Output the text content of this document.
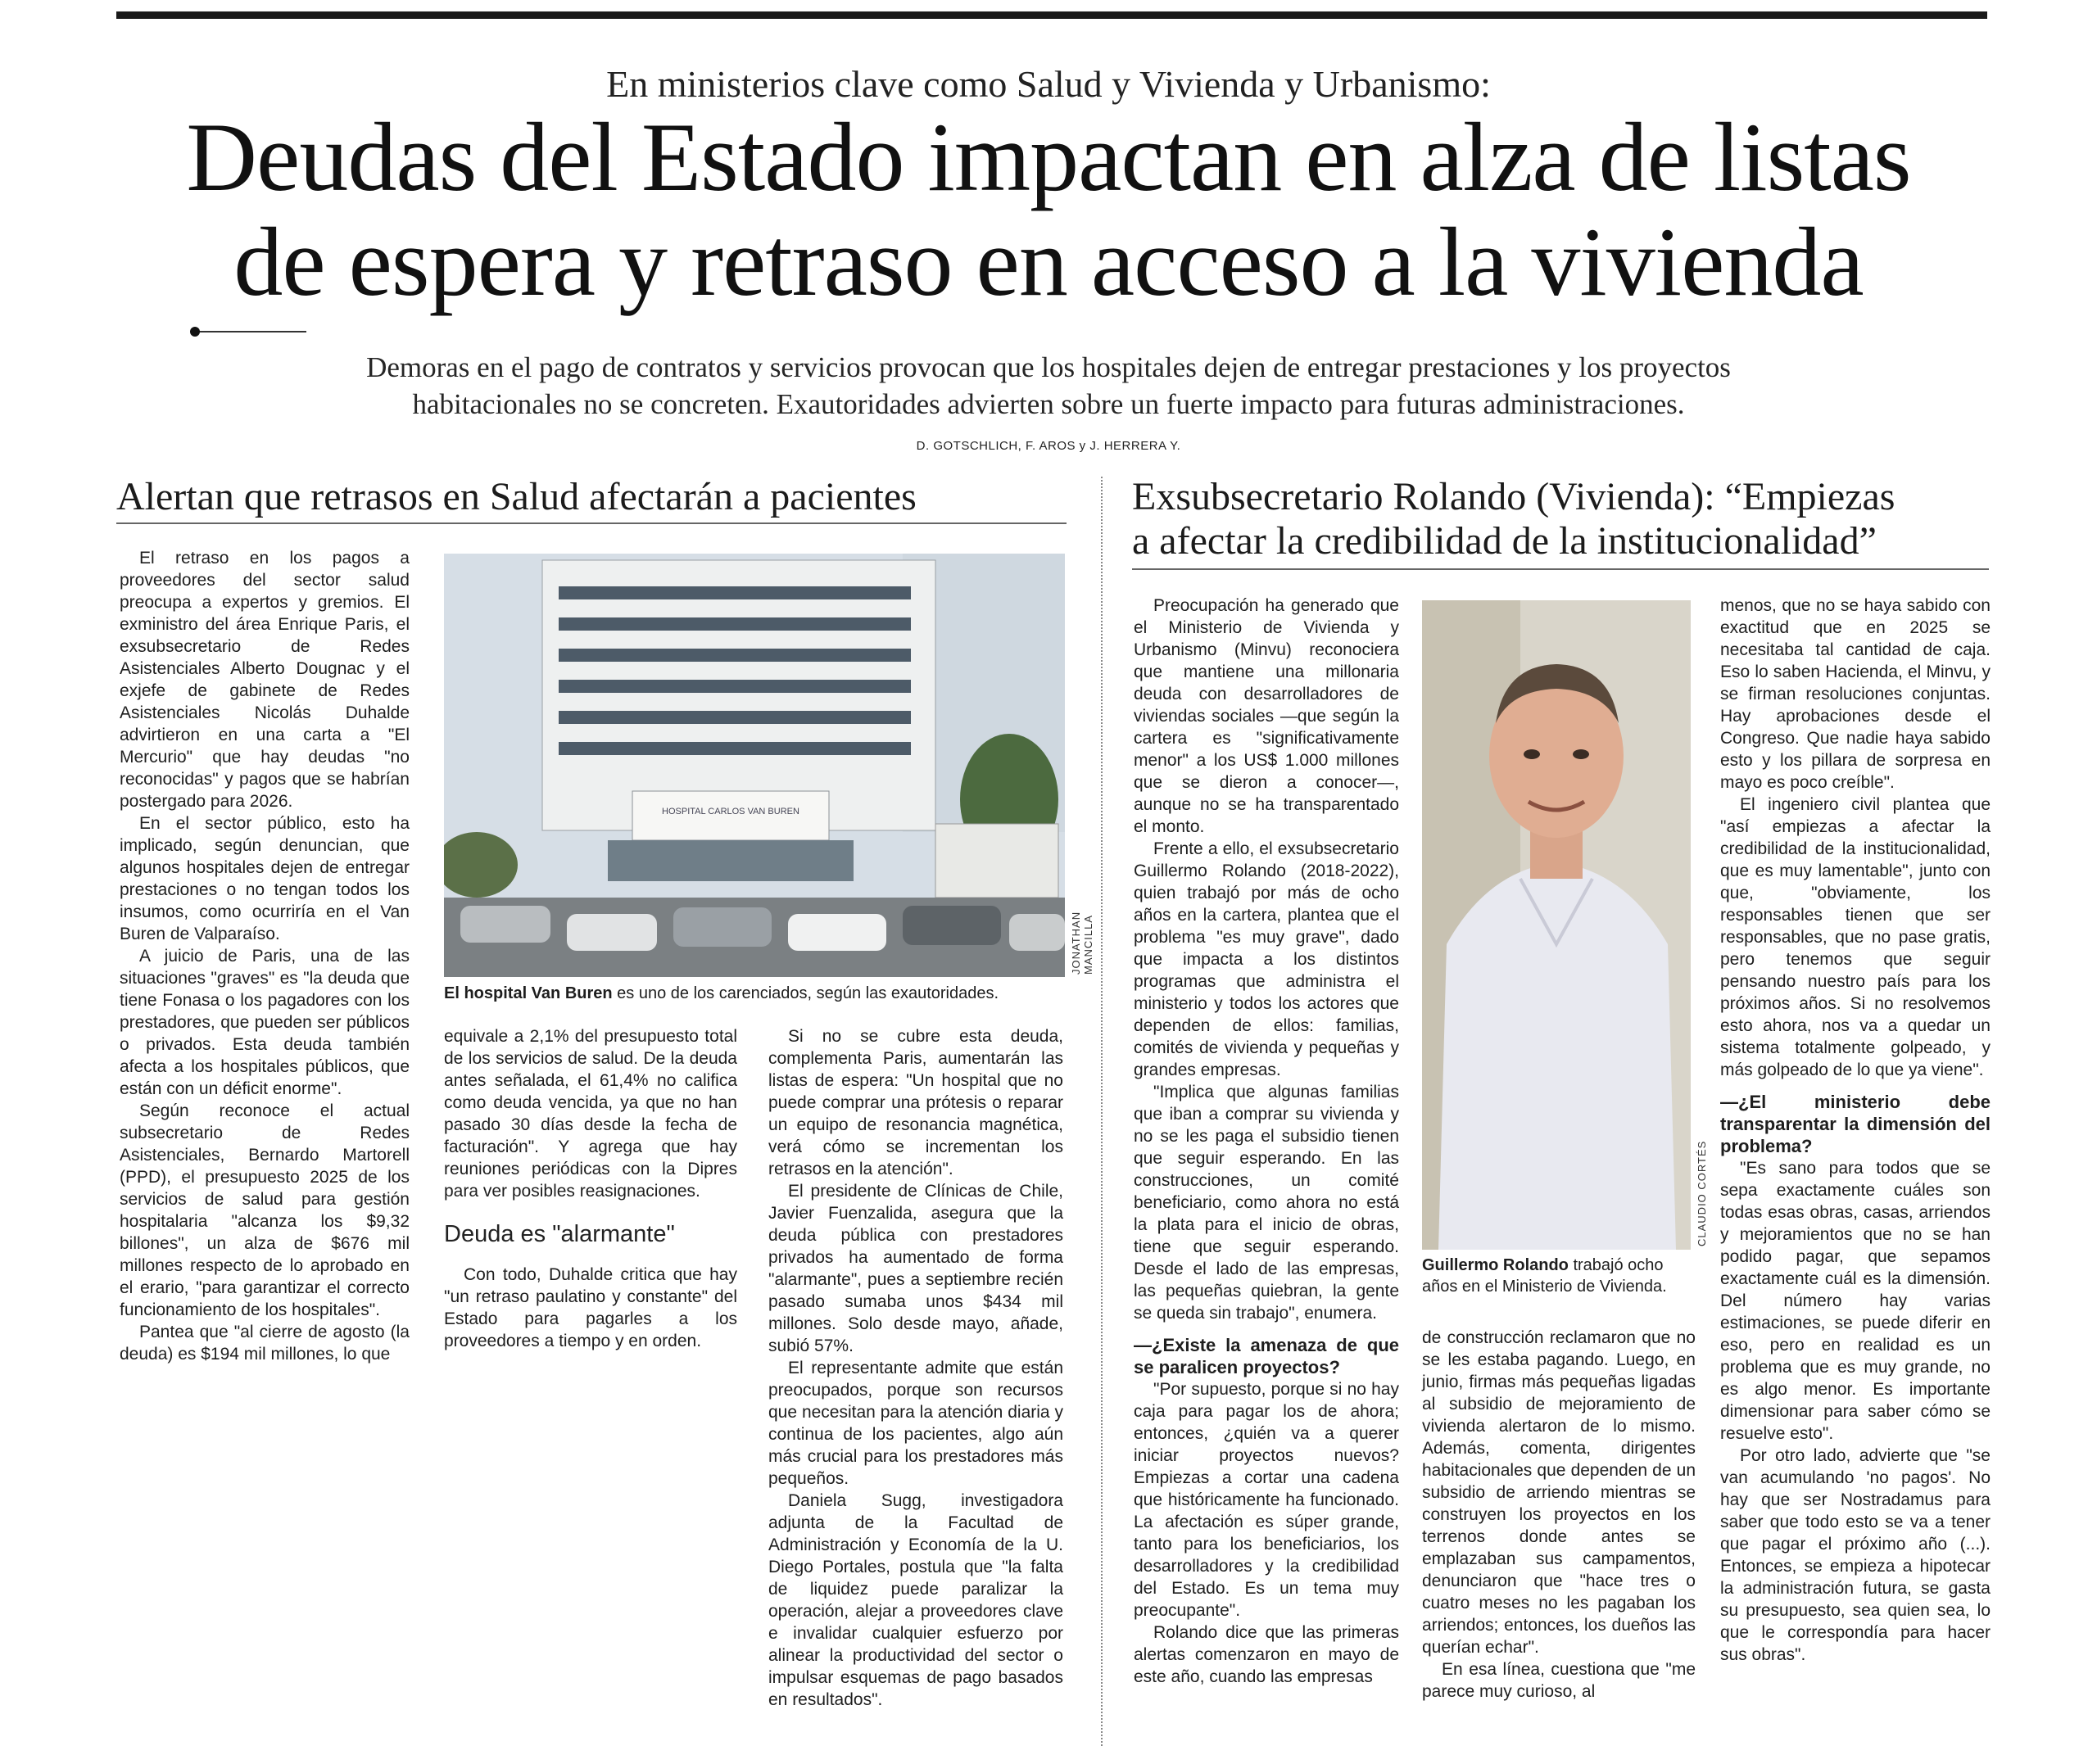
En ministerios clave como Salud y Vivienda y Urbanismo:
Deudas del Estado impactan en alza de listas
de espera y retraso en acceso a la vivienda
Demoras en el pago de contratos y servicios provocan que los hospitales dejen de entregar prestaciones y los proyectos
habitacionales no se concreten. Exautoridades advierten sobre un fuerte impacto para futuras administraciones.
D. GOTSCHLICH, F. AROS y J. HERRERA Y.
Alertan que retrasos en Salud afectarán a pacientes

El retraso en los pagos a proveedores del sector salud preocupa a expertos y gremios. El exministro del área Enrique Paris, el exsubsecretario de Redes Asistenciales Alberto Dougnac y el exjefe de gabinete de Redes Asistenciales Nicolás Duhalde advirtieron en una carta a "El Mercurio" que hay deudas "no reconocidas" y pagos que se habrían postergado para 2026.

En el sector público, esto ha implicado, según denuncian, que algunos hospitales dejen de entregar prestaciones o no tengan todos los insumos, como ocurriría en el Van Buren de Valparaíso.

A juicio de Paris, una de las situaciones "graves" es "la deuda que tiene Fonasa o los pagadores con los prestadores, que pueden ser públicos o privados. Esta deuda también afecta a los hospitales públicos, que están con un déficit enorme".

Según reconoce el actual subsecretario de Redes Asistenciales, Bernardo Martorell (PPD), el presupuesto 2025 de los servicios de salud para gestión hospitalaria "alcanza los $9,32 billones", un alza de $676 mil millones respecto de lo aprobado en el erario, "para garantizar el correcto funcionamiento de los hospitales".

Pantea que "al cierre de agosto (la deuda) es $194 mil millones, lo que

HOSPITAL CARLOS VAN BUREN
JONATHAN MANCILLA
El hospital Van Buren es uno de los carenciados, según las exautoridades.

equivale a 2,1% del presupuesto total de los servicios de salud. De la deuda antes señalada, el 61,4% no califica como deuda vencida, ya que no han pasado 30 días desde la fecha de facturación". Y agrega que hay reuniones periódicas con la Dipres para ver posibles reasignaciones.

Deuda es "alarmante"

Con todo, Duhalde critica que hay "un retraso paulatino y constante" del Estado para pagarles a los proveedores a tiempo y en orden.

Si no se cubre esta deuda, complementa Paris, aumentarán las listas de espera: "Un hospital que no puede comprar una prótesis o reparar un equipo de resonancia magnética, verá cómo se incrementan los retrasos en la atención".

El presidente de Clínicas de Chile, Javier Fuenzalida, asegura que la deuda pública con prestadores privados ha aumentado de forma "alarmante", pues a septiembre recién pasado sumaba unos $434 mil millones. Solo desde mayo, añade, subió 57%.

El representante admite que están preocupados, porque son recursos que necesitan para la atención diaria y continua de los pacientes, algo aún más crucial para los prestadores más pequeños.

Daniela Sugg, investigadora adjunta de la Facultad de Administración y Economía de la U. Diego Portales, postula que "la falta de liquidez puede paralizar la operación, alejar a proveedores clave e invalidar cualquier esfuerzo por alinear la productividad del sector o impulsar esquemas de pago basados en resultados".

Exsubsecretario Rolando (Vivienda): “Empiezas
a afectar la credibilidad de la institucionalidad”

Preocupación ha generado que el Ministerio de Vivienda y Urbanismo (Minvu) reconociera que mantiene una millonaria deuda con desarrolladores de viviendas sociales —que según la cartera es "significativamente menor" a los US$ 1.000 millones que se dieron a conocer—, aunque no se ha transparentado el monto.

Frente a ello, el exsubsecretario Guillermo Rolando (2018-2022), quien trabajó por más de ocho años en la cartera, plantea que el problema "es muy grave", dado que impacta a los distintos programas que administra el ministerio y todos los actores que dependen de ellos: familias, comités de vivienda y pequeñas y grandes empresas.

"Implica que algunas familias que iban a comprar su vivienda y no se les paga el subsidio tienen que seguir esperando. En las construcciones, un comité beneficiario, como ahora no está la plata para el inicio de obras, tiene que seguir esperando. Desde el lado de las empresas, las pequeñas quiebran, la gente se queda sin trabajo", enumera.

—¿Existe la amenaza de que se paralicen proyectos?

"Por supuesto, porque si no hay caja para pagar los de ahora; entonces, ¿quién va a querer iniciar proyectos nuevos? Empiezas a cortar una cadena que históricamente ha funcionado. La afectación es súper grande, tanto para los beneficiarios, los desarrolladores y la credibilidad del Estado. Es un tema muy preocupante".

Rolando dice que las primeras alertas comenzaron en mayo de este año, cuando las empresas

CLAUDIO CORTÉS
Guillermo Rolando trabajó ocho años en el Ministerio de Vivienda.

de construcción reclamaron que no se les estaba pagando. Luego, en junio, firmas más pequeñas ligadas al subsidio de mejoramiento de vivienda alertaron de lo mismo. Además, comenta, dirigentes habitacionales que dependen de un subsidio de arriendo mientras se construyen los proyectos en los terrenos donde antes se emplazaban sus campamentos, denunciaron que "hace tres o cuatro meses no les pagaban los arriendos; entonces, los dueños las querían echar".

En esa línea, cuestiona que "me parece muy curioso, al

menos, que no se haya sabido con exactitud que en 2025 se necesitaba tal cantidad de caja. Eso lo saben Hacienda, el Minvu, y se firman resoluciones conjuntas. Hay aprobaciones desde el Congreso. Que nadie haya sabido esto y los pillara de sorpresa en mayo es poco creíble".

El ingeniero civil plantea que "así empiezas a afectar la credibilidad de la institucionalidad, que es muy lamentable", junto con que, "obviamente, los responsables tienen que ser responsables, que no pase gratis, pero tenemos que seguir pensando nuestro país para los próximos años. Si no resolvemos esto ahora, nos va a quedar un sistema totalmente golpeado, y más golpeado de lo que ya viene".

—¿El ministerio debe transparentar la dimensión del problema?

"Es sano para todos que se sepa exactamente cuáles son todas esas obras, casas, arriendos y mejoramientos que no se han podido pagar, que sepamos exactamente cuál es la dimensión. Del número hay varias estimaciones, se puede diferir en eso, pero en realidad es un problema que es muy grande, no es algo menor. Es importante dimensionar para saber cómo se resuelve esto".

Por otro lado, advierte que "se van acumulando 'no pagos'. No hay que ser Nostradamus para saber que todo esto se va a tener que pagar el próximo año (...). Entonces, se empieza a hipotecar la administración futura, se gasta su presupuesto, sea quien sea, lo que le correspondía para hacer sus obras".
